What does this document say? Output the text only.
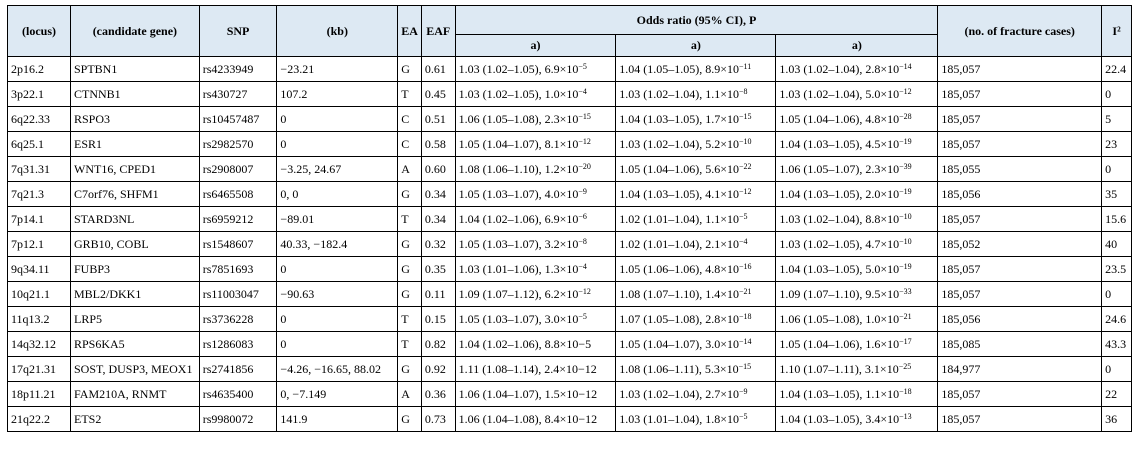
(locus)	(candidate gene)	SNP	(kb)	EA	EAF	Odds ratio (95% CI), P			(no. of fracture cases)	I²
						a)	a)	a)		
2p16.2	SPTBN1	rs4233949	−23.21	G	0.61	1.03 (1.02–1.05), $6.9\times 10^{-5}$	1.04 (1.05–1.05), $8.9\times 10^{-11}$	1.03 (1.02–1.04), $2.8\times 10^{-14}$	185,057	22.4
3p22.1	CTNNB1	rs430727	107.2	T	0.45	1.03 (1.02–1.05), $1.0\times 10^{-4}$	1.03 (1.02–1.04), $1.1\times 10^{-8}$	1.03 (1.02–1.04), $5.0\times 10^{-12}$	185,057	0
6q22.33	RSPO3	rs10457487	0	C	0.51	1.06 (1.05–1.08), $2.3\times 10^{-15}$	1.04 (1.03–1.05), $1.7\times 10^{-15}$	1.05 (1.04–1.06), $4.8\times 10^{-28}$	185,057	5
6q25.1	ESR1	rs2982570	0	C	0.58	1.05 (1.04–1.07), $8.1\times 10^{-12}$	1.03 (1.02–1.04), $5.2\times 10^{-10}$	1.04 (1.03–1.05), $4.5\times 10^{-19}$	185,057	23
7q31.31	WNT16, CPED1	rs2908007	−3.25, 24.67	A	0.60	1.08 (1.06–1.10), $1.2\times 10^{-20}$	1.05 (1.04–1.06), $5.6\times 10^{-22}$	1.06 (1.05–1.07), $2.3\times 10^{-39}$	185,055	0
7q21.3	C7orf76, SHFM1	rs6465508	0, 0	G	0.34	1.05 (1.03–1.07), $4.0\times 10^{-9}$	1.04 (1.03–1.05), $4.1\times 10^{-12}$	1.04 (1.03–1.05), $2.0\times 10^{-19}$	185,056	35
7p14.1	STARD3NL	rs6959212	−89.01	T	0.34	1.04 (1.02–1.06), $6.9\times 10^{-6}$	1.02 (1.01–1.04), $1.1\times 10^{-5}$	1.03 (1.02–1.04), $8.8\times 10^{-10}$	185,057	15.6
7p12.1	GRB10, COBL	rs1548607	40.33, −182.4	G	0.32	1.05 (1.03–1.07), $3.2\times 10^{-8}$	1.02 (1.01–1.04), $2.1\times 10^{-4}$	1.03 (1.02–1.05), $4.7\times 10^{-10}$	185,052	40
9q34.11	FUBP3	rs7851693	0	G	0.35	1.03 (1.01–1.06), $1.3\times 10^{-4}$	1.05 (1.06–1.06), $4.8\times 10^{-16}$	1.04 (1.03–1.05), $5.0\times 10^{-19}$	185,057	23.5
10q21.1	MBL2/DKK1	rs11003047	−90.63	G	0.11	1.09 (1.07–1.12), $6.2\times 10^{-12}$	1.08 (1.07–1.10), $1.4\times 10^{-21}$	1.09 (1.07–1.10), $9.5\times 10^{-33}$	185,057	0
11q13.2	LRP5	rs3736228	0	T	0.15	1.05 (1.03–1.07), $3.0\times 10^{-5}$	1.07 (1.05–1.08), $2.8\times 10^{-18}$	1.06 (1.05–1.08), $1.0\times 10^{-21}$	185,056	24.6
14q32.12	RPS6KA5	rs1286083	0	T	0.82	1.04 (1.02–1.06), 8.8×10−5	1.05 (1.04–1.07), $3.0\times 10^{-14}$	1.05 (1.04–1.06), $1.6\times 10^{-17}$	185,085	43.3
17q21.31	SOST, DUSP3, MEOX1	rs2741856	−4.26, −16.65, 88.02	G	0.92	1.11 (1.08–1.14), 2.4×10−12	1.08 (1.06–1.11), $5.3\times 10^{-15}$	1.10 (1.07–1.11), $3.1\times 10^{-25}$	184,977	0
18p11.21	FAM210A, RNMT	rs4635400	0, −7.149	A	0.36	1.06 (1.04–1.07), 1.5×10−12	1.03 (1.02–1.04), $2.7\times 10^{-9}$	1.04 (1.03–1.05), $1.1\times 10^{-18}$	185,057	22
21q22.2	ETS2	rs9980072	141.9	G	0.73	1.06 (1.04–1.08), 8.4×10−12	1.03 (1.01–1.04), $1.8\times 10^{-5}$	1.04 (1.03–1.05), $3.4\times 10^{-13}$	185,057	36
